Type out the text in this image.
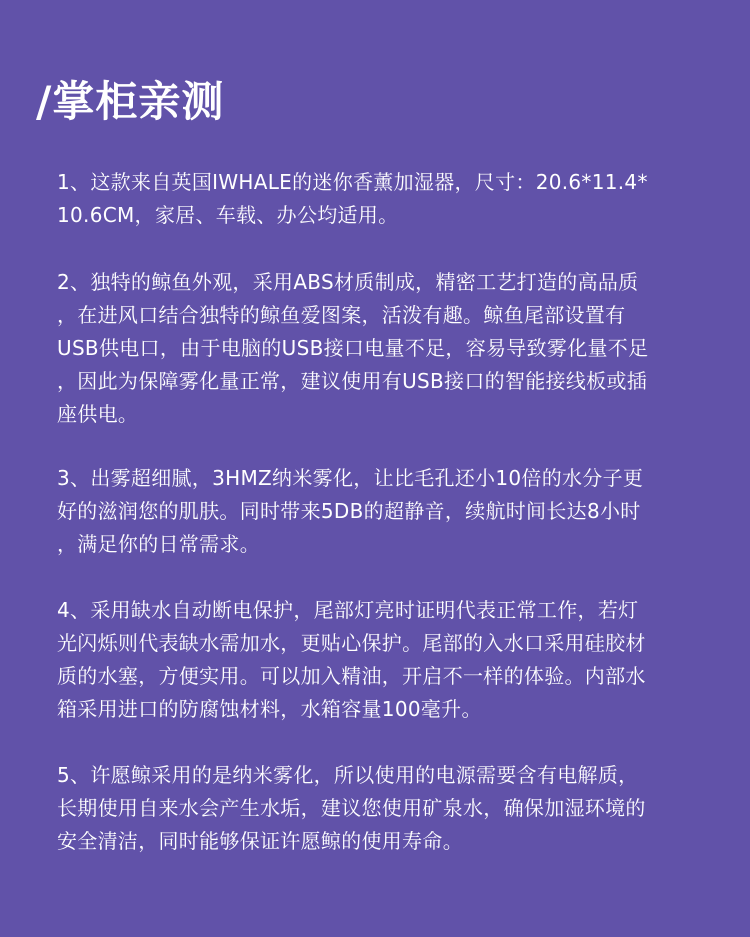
/掌柜亲测
1、这款来自英国IWHALE的迷你香薰加湿器，尺寸：20.6*11.4*
10.6CM，家居、车载、办公均适用。
2、独特的鲸鱼外观，采用ABS材质制成，精密工艺打造的高品质
，在进风口结合独特的鲸鱼爱图案，活泼有趣。鲸鱼尾部设置有
USB供电口，由于电脑的USB接口电量不足，容易导致雾化量不足
，因此为保障雾化量正常，建议使用有USB接口的智能接线板或插
座供电。
3、出雾超细腻，3HMZ纳米雾化，让比毛孔还小10倍的水分子更
好的滋润您的肌肤。同时带来5DB的超静音，续航时间长达8小时
，满足你的日常需求。
4、采用缺水自动断电保护，尾部灯亮时证明代表正常工作，若灯
光闪烁则代表缺水需加水，更贴心保护。尾部的入水口采用硅胶材
质的水塞，方便实用。可以加入精油，开启不一样的体验。内部水
箱采用进口的防腐蚀材料，水箱容量100毫升。
5、许愿鲸采用的是纳米雾化，所以使用的电源需要含有电解质，
长期使用自来水会产生水垢，建议您使用矿泉水，确保加湿环境的
安全清洁，同时能够保证许愿鲸的使用寿命。
